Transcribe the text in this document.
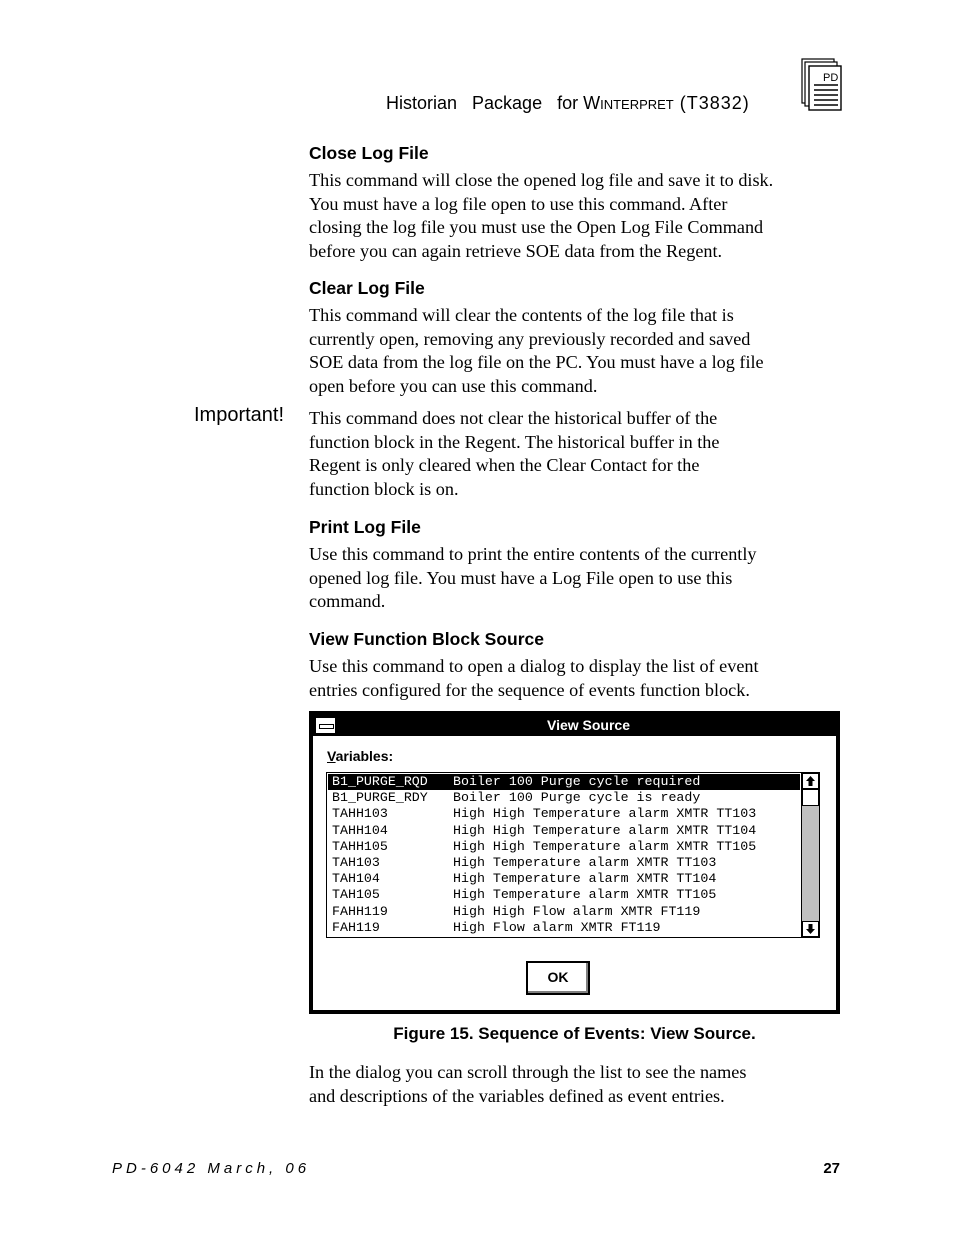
Historian   Package   for Winterpret (T3832)
PD
Close Log File
This command will close the opened log file and save it to disk.
You must have a log file open to use this command. After
closing the log file you must use the Open Log File Command
before you can again retrieve SOE data from the Regent.
Clear Log File
This command will clear the contents of the log file that is
currently open, removing any previously recorded and saved
SOE data from the log file on the PC. You must have a log file
open before you can use this command.
Important! This command does not clear the historical buffer of the
function block in the Regent. The historical buffer in the
Regent is only cleared when the Clear Contact for the
function block is on.
Print Log File
Use this command to print the entire contents of the currently
opened log file. You must have a Log File open to use this
command.
View Function Block Source
Use this command to open a dialog to display the list of event
entries configured for the sequence of events function block.
View Source
Variables:
B1_PURGE_RQD Boiler 100 Purge cycle required
B1_PURGE_RDY Boiler 100 Purge cycle is ready
TAHH103	High High Temperature alarm XMTR TT103
TAHH104	High High Temperature alarm XMTR TT104
TAHH105	High High Temperature alarm XMTR TT105
TAH103	High Temperature alarm XMTR TT103
TAH104	High Temperature alarm XMTR TT104
TAH105	High Temperature alarm XMTR TT105
FAHH119	High High Flow alarm XMTR FT119
FAH119	High Flow alarm XMTR FT119
OK
Figure 15. Sequence of Events: View Source.
In the dialog you can scroll through the list to see the names
and descriptions of the variables defined as event entries.
PD-6042 March, 06	27
